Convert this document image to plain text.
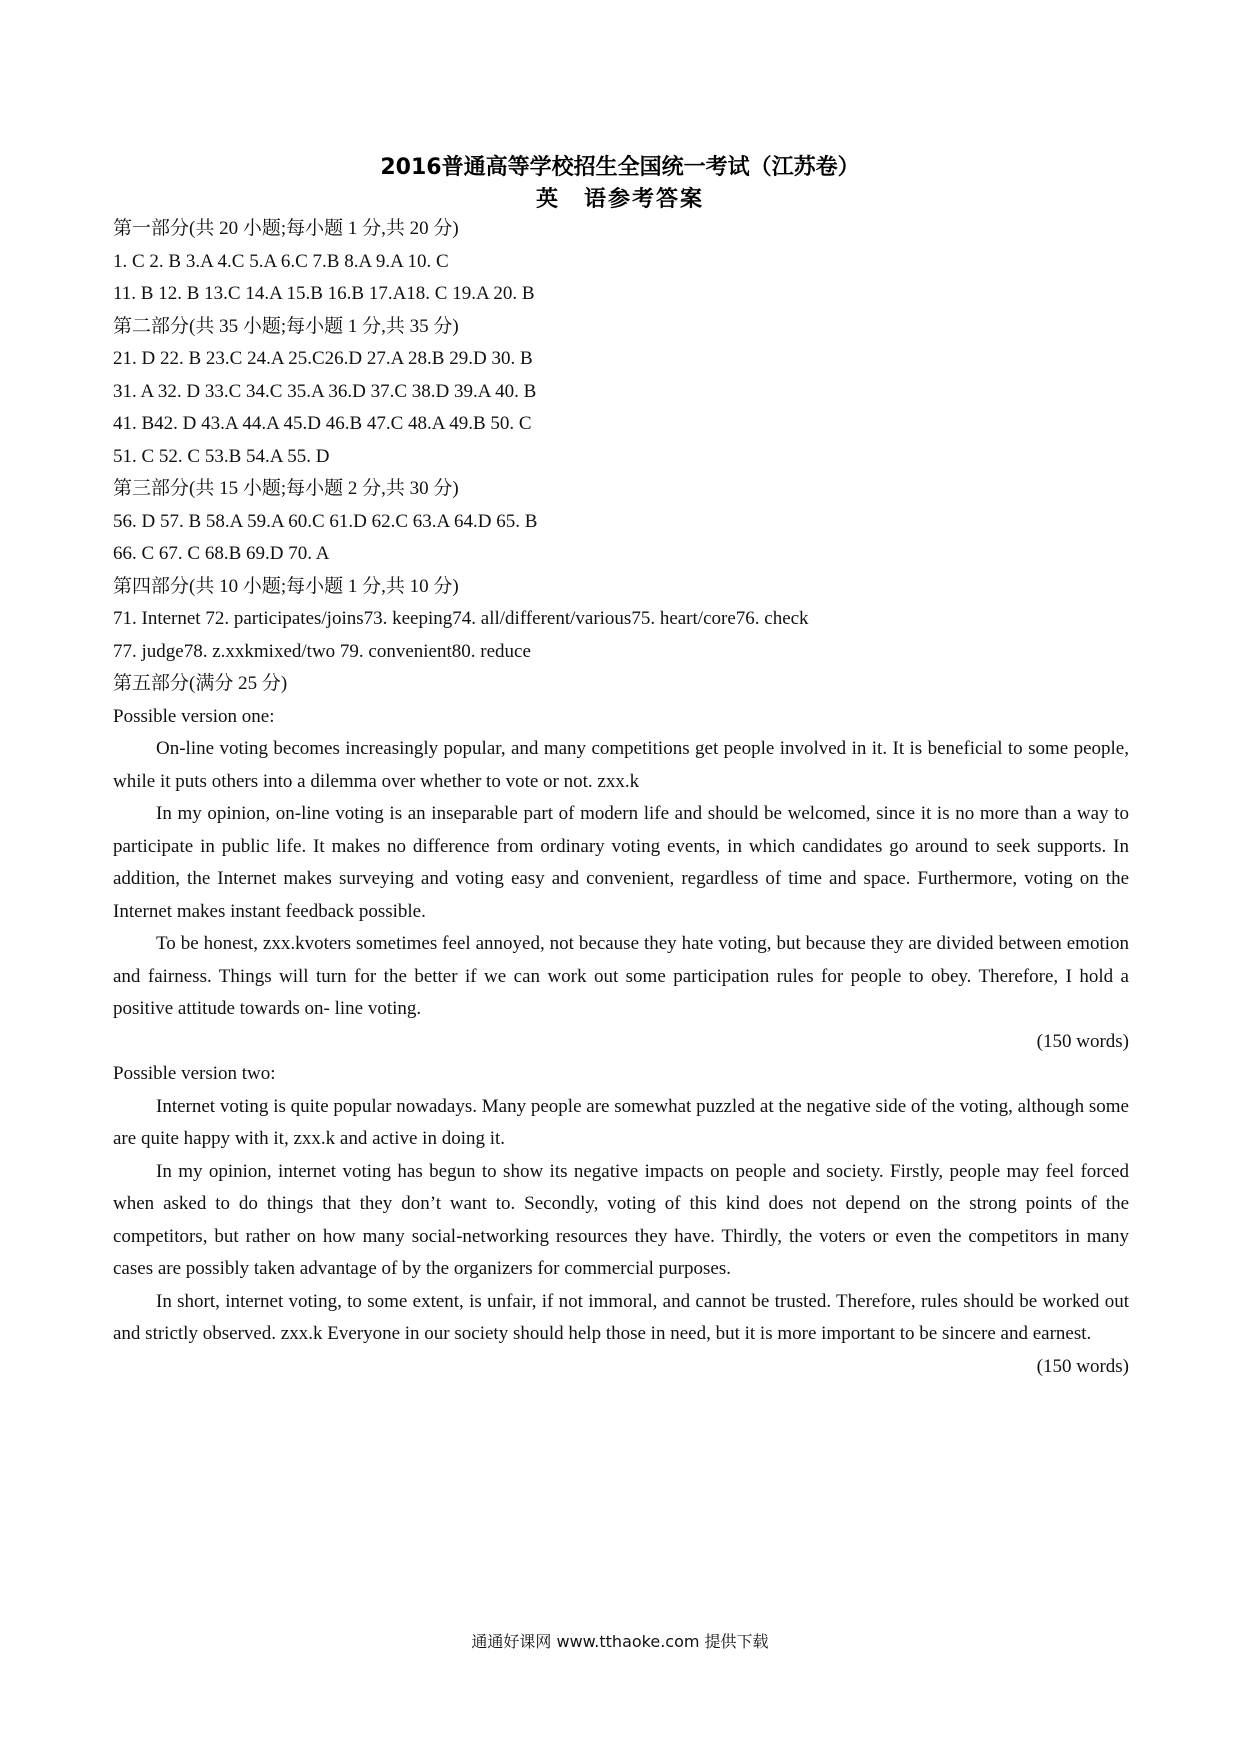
2016普通高等学校招生全国统一考试（江苏卷）
英　语参考答案
第一部分(共 20 小题;每小题 1 分,共 20 分)
1. C 2. B 3.A 4.C 5.A 6.C 7.B 8.A 9.A 10. C
11. B 12. B 13.C 14.A 15.B 16.B 17.A18. C 19.A 20. B
第二部分(共 35 小题;每小题 1 分,共 35 分)
21. D 22. B 23.C 24.A 25.C26.D 27.A 28.B 29.D 30. B
31. A 32. D 33.C 34.C 35.A 36.D 37.C 38.D 39.A 40. B
41. B42. D 43.A 44.A 45.D 46.B 47.C 48.A 49.B 50. C
51. C 52. C 53.B 54.A 55. D
第三部分(共 15 小题;每小题 2 分,共 30 分)
56. D 57. B 58.A 59.A 60.C 61.D 62.C 63.A 64.D 65. B
66. C 67. C 68.B 69.D 70. A
第四部分(共 10 小题;每小题 1 分,共 10 分)
71. Internet 72. participates/joins73. keeping74. all/different/various75. heart/core76. check
77. judge78. z.xxkmixed/two 79. convenient80. reduce
第五部分(满分 25 分)
Possible version one:

On-line voting becomes increasingly popular, and many competitions get people involved in it. It is beneficial to some people, while it puts others into a dilemma over whether to vote or not. zxx.k

In my opinion, on-line voting is an inseparable part of modern life and should be welcomed, since it is no more than a way to participate in public life. It makes no difference from ordinary voting events, in which candidates go around to seek supports. In addition, the Internet makes surveying and voting easy and convenient, regardless of time and space. Furthermore, voting on the Internet makes instant feedback possible.

To be honest, zxx.kvoters sometimes feel annoyed, not because they hate voting, but because they are divided between emotion and fairness. Things will turn for the better if we can work out some participation rules for people to obey. Therefore, I hold a positive attitude towards on- line voting.

(150 words)
Possible version two:

Internet voting is quite popular nowadays. Many people are somewhat puzzled at the negative side of the voting, although some are quite happy with it, zxx.k and active in doing it.

In my opinion, internet voting has begun to show its negative impacts on people and society. Firstly, people may feel forced when asked to do things that they don’t want to. Secondly, voting of this kind does not depend on the strong points of the competitors, but rather on how many social-networking resources they have. Thirdly, the voters or even the competitors in many cases are possibly taken advantage of by the organizers for commercial purposes.

In short, internet voting, to some extent, is unfair, if not immoral, and cannot be trusted. Therefore, rules should be worked out and strictly observed. zxx.k Everyone in our society should help those in need, but it is more important to be sincere and earnest.

(150 words)
通通好课网 www.tthaoke.com 提供下载
